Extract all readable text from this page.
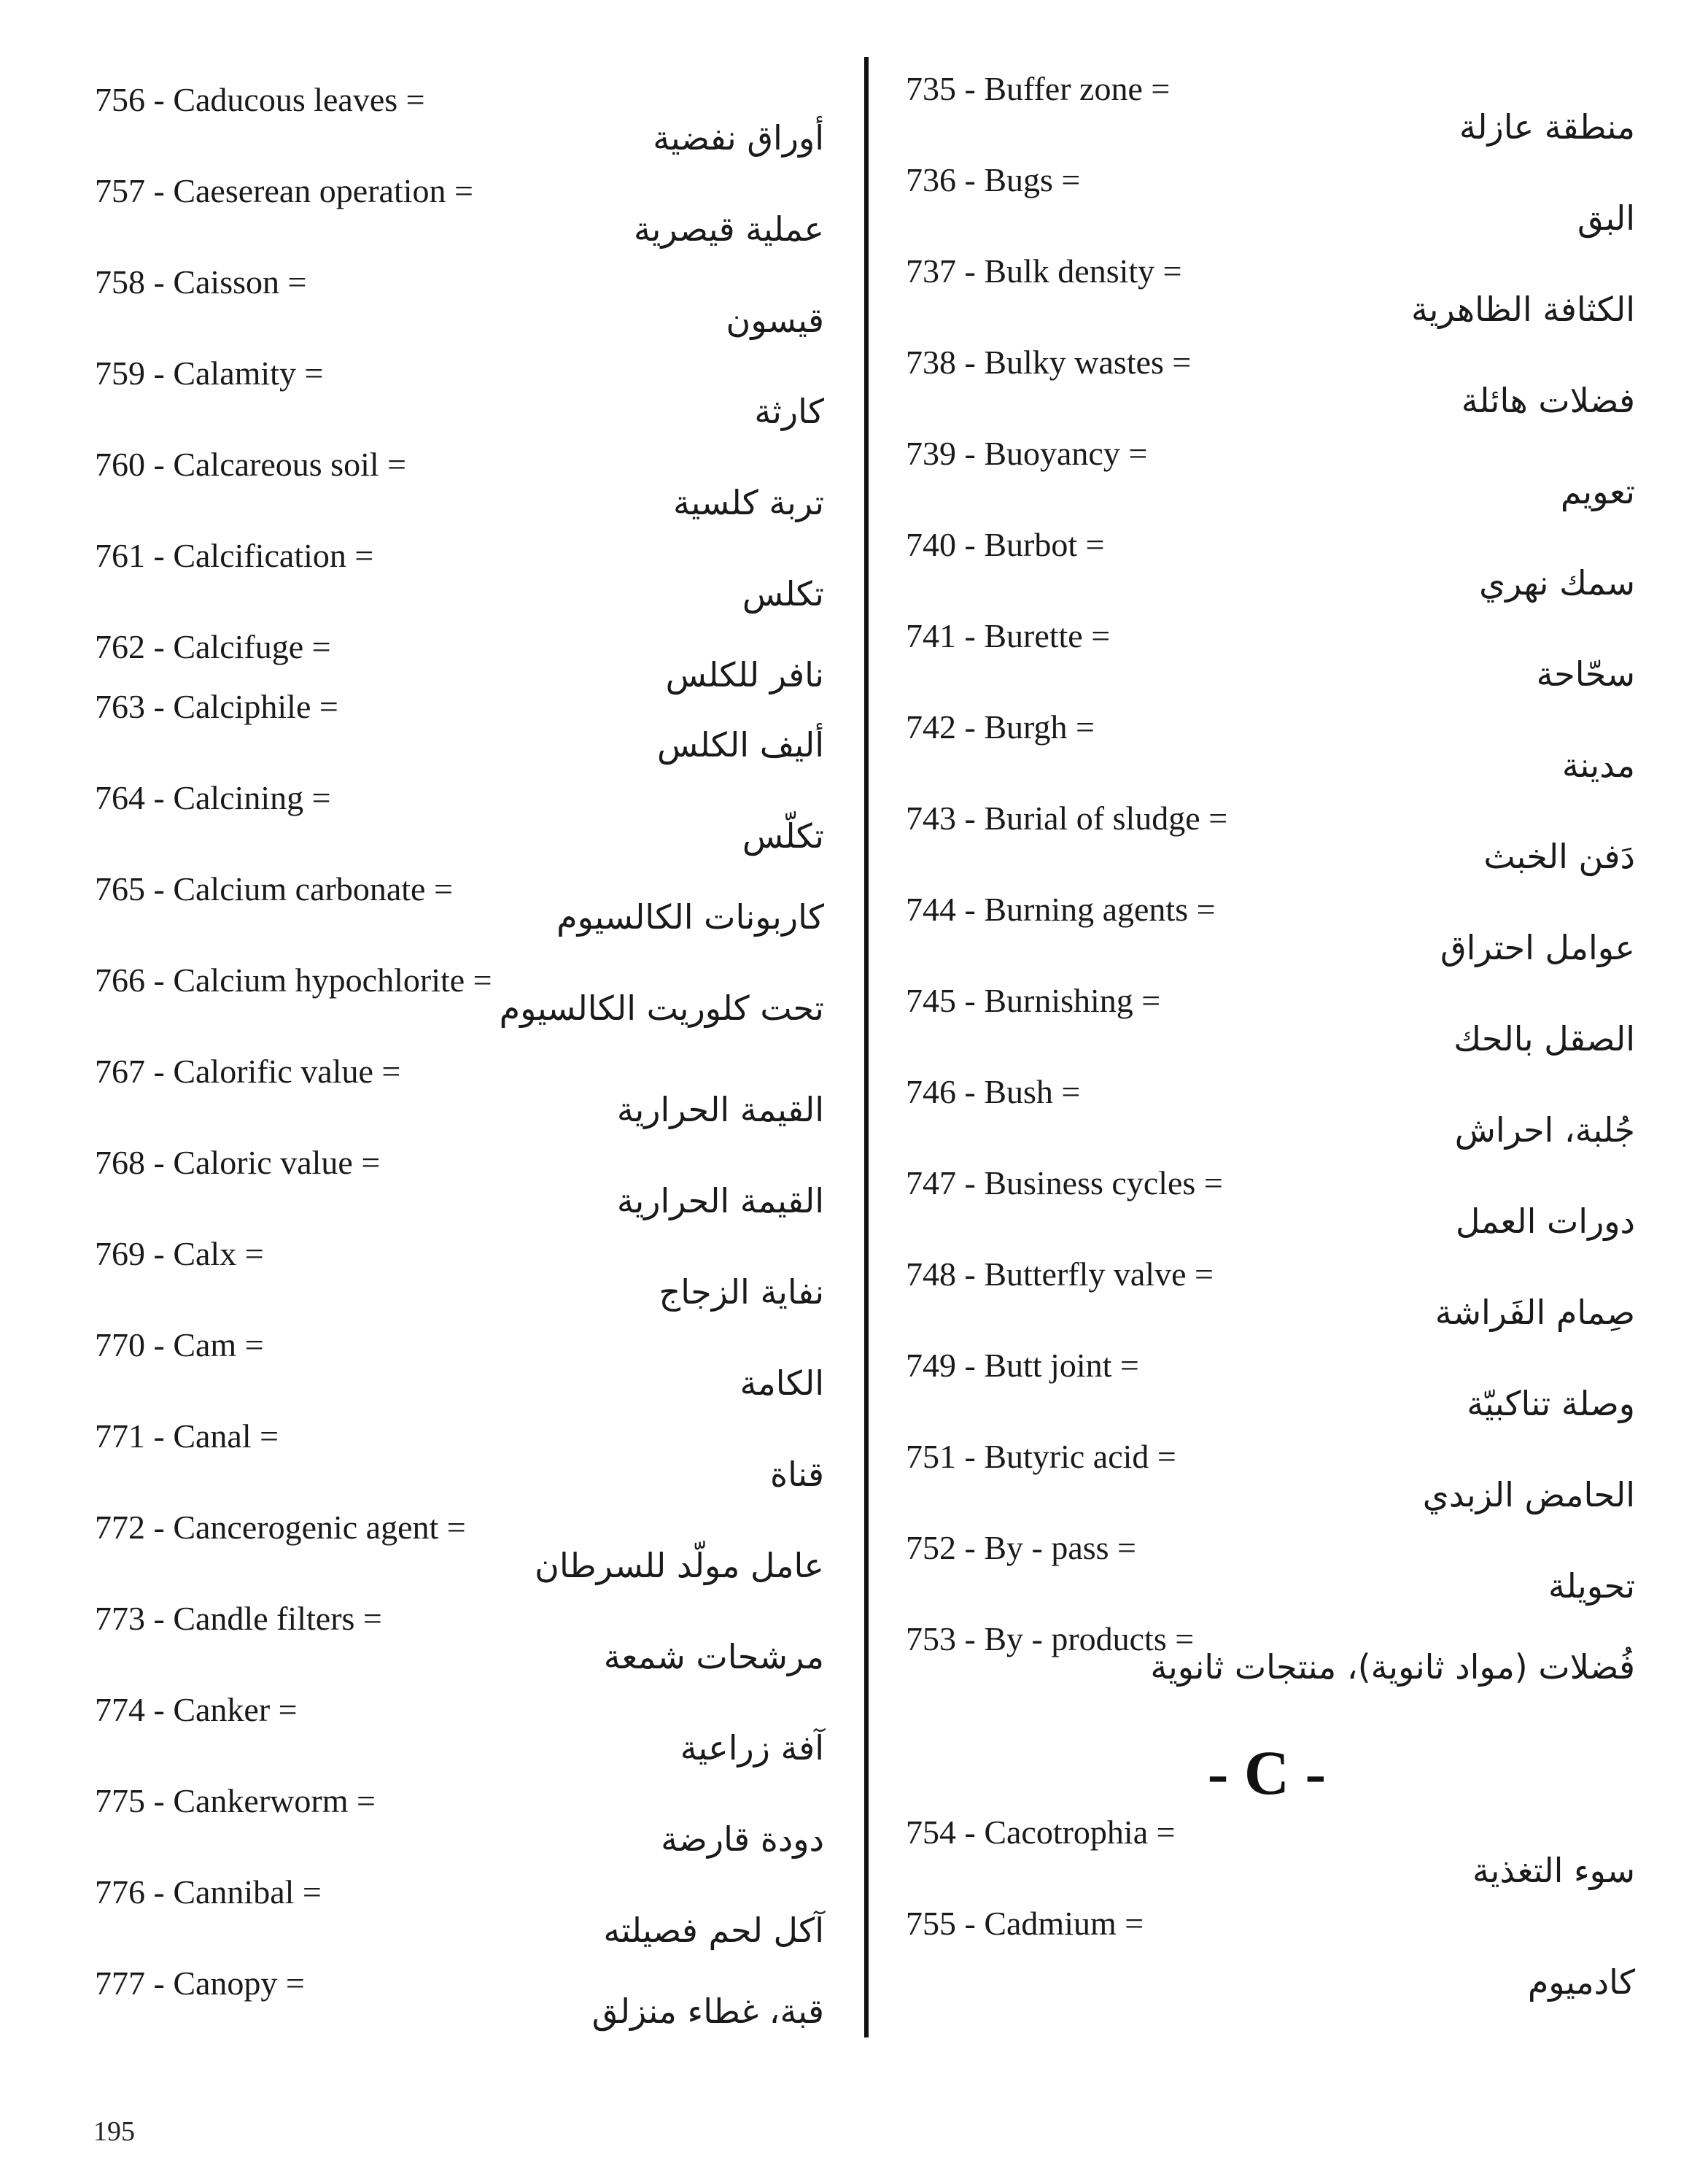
756 - Caducous leaves =
أوراق نفضية
757 - Caeserean operation =
عملية قيصرية
758 - Caisson =
قيسون
759 - Calamity =
كارثة
760 - Calcareous soil =
تربة كلسية
761 - Calcification =
تكلس
762 - Calcifuge =
نافر للكلس
763 - Calciphile =
أليف الكلس
764 - Calcining =
تكلّس
765 - Calcium carbonate =
كاربونات الكالسيوم
766 - Calcium hypochlorite =
تحت كلوريت الكالسيوم
767 - Calorific value =
القيمة الحرارية
768 - Caloric value =
القيمة الحرارية
769 - Calx =
نفاية الزجاج
770 - Cam =
الكامة
771 - Canal =
قناة
772 - Cancerogenic agent =
عامل مولّد للسرطان
773 - Candle filters =
مرشحات شمعة
774 - Canker =
آفة زراعية
775 - Cankerworm =
دودة قارضة
776 - Cannibal =
آكل لحم فصيلته
777 - Canopy =
قبة، غطاء منزلق
735 - Buffer zone =
منطقة عازلة
736 - Bugs =
البق
737 - Bulk density =
الكثافة الظاهرية
738 - Bulky wastes =
فضلات هائلة
739 - Buoyancy =
تعويم
740 - Burbot =
سمك نهري
741 - Burette =
سحّاحة
742 - Burgh =
مدينة
743 - Burial of sludge =
دَفن الخبث
744 - Burning agents =
عوامل احتراق
745 - Burnishing =
الصقل بالحك
746 - Bush =
جُلبة، احراش
747 - Business cycles =
دورات العمل
748 - Butterfly valve =
صِمام الفَراشة
749 - Butt joint =
وصلة تناكبيّة
751 - Butyric acid =
الحامض الزبدي
752 - By - pass =
تحويلة
753 - By - products =
فُضلات (مواد ثانوية)، منتجات ثانوية
- C -
754 - Cacotrophia =
سوء التغذية
755 - Cadmium =
كادميوم
195
